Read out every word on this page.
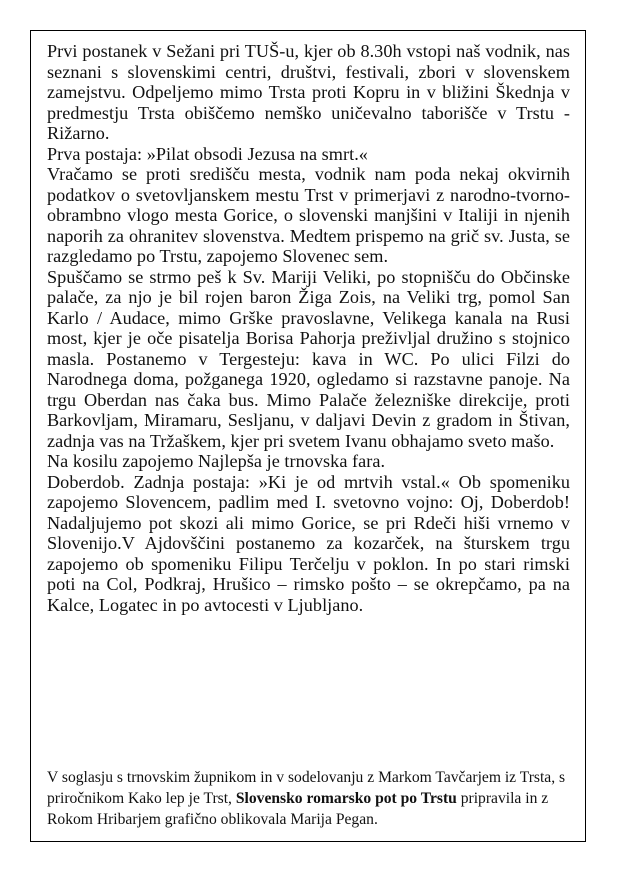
Prvi postanek v Sežani pri TUŠ-u, kjer ob 8.30h vstopi naš vodnik, nas seznani s slovenskimi centri, društvi, festivali, zbori v slovenskem zamejstvu. Odpeljemo mimo Trsta proti Kopru in v bližini Škednja v predmestju Trsta obiščemo nemško uničevalno taborišče v Trstu - Rižarno.

Prva postaja: »Pilat obsodi Jezusa na smrt.«

Vračamo se proti središču mesta, vodnik nam poda nekaj okvirnih podatkov o svetovljanskem mestu Trst v primerjavi z narodno-tvorno-obrambno vlogo mesta Gorice, o slovenski manjšini v Italiji in njenih naporih za ohranitev slovenstva. Medtem prispemo na grič sv. Justa, se razgledamo po Trstu, zapojemo Slovenec sem.

Spuščamo se strmo peš k Sv. Mariji Veliki, po stopnišču do Občinske palače, za njo je bil rojen baron Žiga Zois, na Veliki trg, pomol San Karlo / Audace, mimo Grške pravoslavne, Velikega kanala na Rusi most, kjer je oče pisatelja Borisa Pahorja preživljal družino s stojnico masla. Postanemo v Tergesteju: kava in WC. Po ulici Filzi do Narodnega doma, požganega 1920, ogledamo si razstavne panoje. Na trgu Oberdan nas čaka bus. Mimo Palače železniške direkcije, proti Barkovljam, Miramaru, Sesljanu, v daljavi Devin z gradom in Štivan, zadnja vas na Tržaškem, kjer pri svetem Ivanu obhajamo sveto mašo.

Na kosilu zapojemo Najlepša je trnovska fara.

Doberdob. Zadnja postaja: »Ki je od mrtvih vstal.« Ob spomeniku zapojemo Slovencem, padlim med I. svetovno vojno: Oj, Doberdob! Nadaljujemo pot skozi ali mimo Gorice, se pri Rdeči hiši vrnemo v Slovenijo.V Ajdovščini postanemo za kozarček, na šturskem trgu zapojemo ob spomeniku Filipu Terčelju v poklon. In po stari rimski poti na Col, Podkraj, Hrušico – rimsko pošto – se okrepčamo, pa na Kalce, Logatec in po avtocesti v Ljubljano.

V soglasju s trnovskim župnikom in v sodelovanju z Markom Tavčarjem iz Trsta, s priročnikom Kako lep je Trst, Slovensko romarsko pot po Trstu pripravila in z Rokom Hribarjem grafično oblikovala Marija Pegan.
